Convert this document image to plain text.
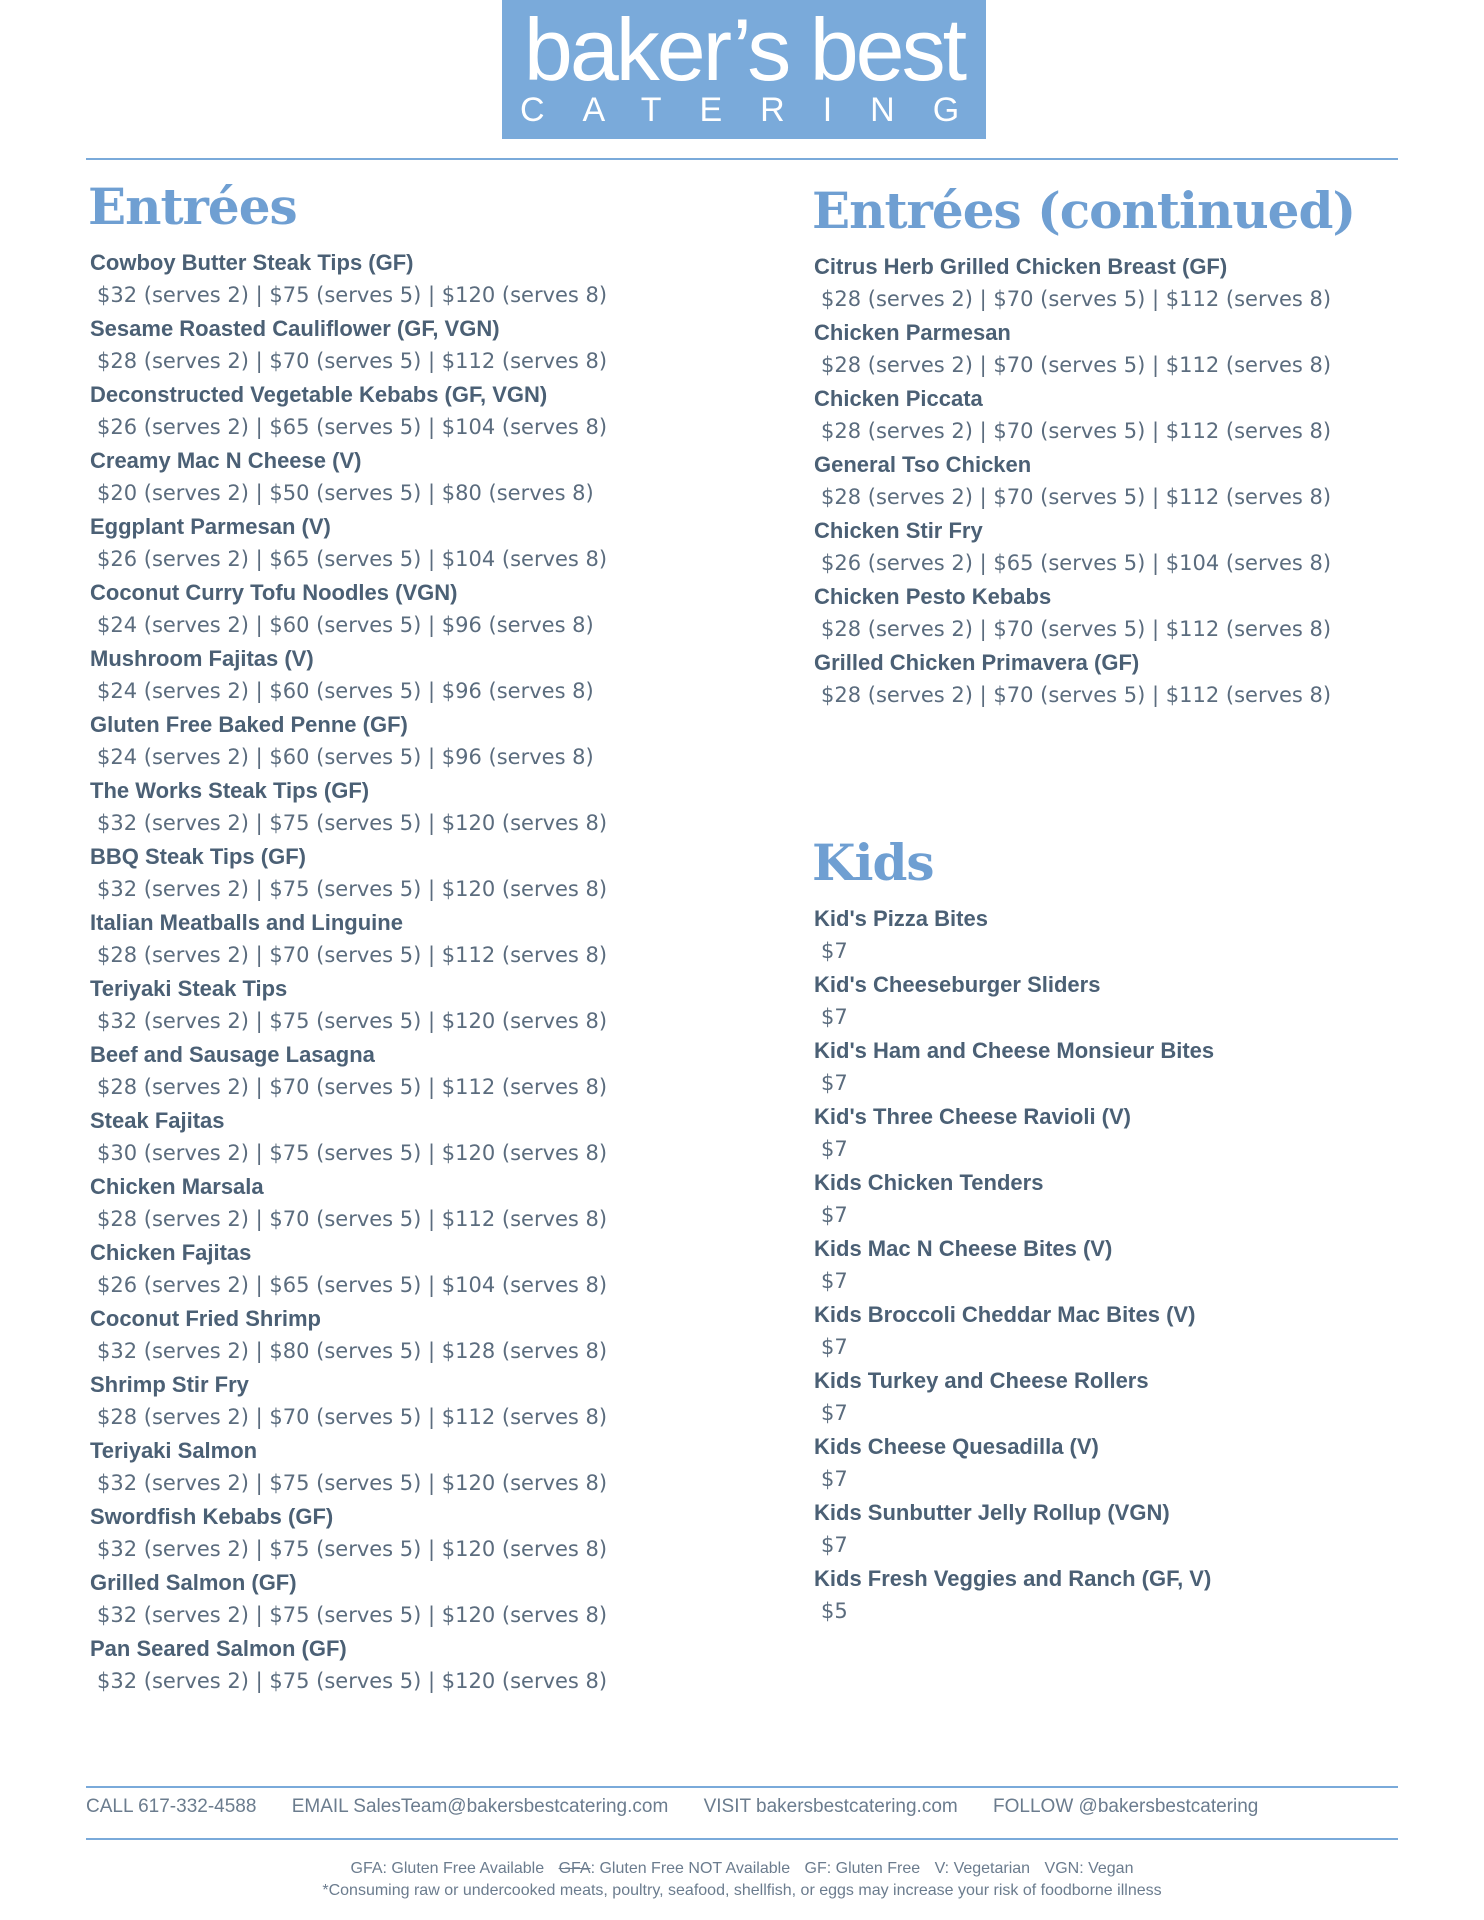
baker’s best
CATERING
Entrées
Cowboy Butter Steak Tips (GF)
$32 (serves 2) | $75 (serves 5) | $120 (serves 8)
Sesame Roasted Cauliflower (GF, VGN)
$28 (serves 2) | $70 (serves 5) | $112 (serves 8)
Deconstructed Vegetable Kebabs (GF, VGN)
$26 (serves 2) | $65 (serves 5) | $104 (serves 8)
Creamy Mac N Cheese (V)
$20 (serves 2) | $50 (serves 5) | $80 (serves 8)
Eggplant Parmesan (V)
$26 (serves 2) | $65 (serves 5) | $104 (serves 8)
Coconut Curry Tofu Noodles (VGN)
$24 (serves 2) | $60 (serves 5) | $96 (serves 8)
Mushroom Fajitas (V)
$24 (serves 2) | $60 (serves 5) | $96 (serves 8)
Gluten Free Baked Penne (GF)
$24 (serves 2) | $60 (serves 5) | $96 (serves 8)
The Works Steak Tips (GF)
$32 (serves 2) | $75 (serves 5) | $120 (serves 8)
BBQ Steak Tips (GF)
$32 (serves 2) | $75 (serves 5) | $120 (serves 8)
Italian Meatballs and Linguine
$28 (serves 2) | $70 (serves 5) | $112 (serves 8)
Teriyaki Steak Tips
$32 (serves 2) | $75 (serves 5) | $120 (serves 8)
Beef and Sausage Lasagna
$28 (serves 2) | $70 (serves 5) | $112 (serves 8)
Steak Fajitas
$30 (serves 2) | $75 (serves 5) | $120 (serves 8)
Chicken Marsala
$28 (serves 2) | $70 (serves 5) | $112 (serves 8)
Chicken Fajitas
$26 (serves 2) | $65 (serves 5) | $104 (serves 8)
Coconut Fried Shrimp
$32 (serves 2) | $80 (serves 5) | $128 (serves 8)
Shrimp Stir Fry
$28 (serves 2) | $70 (serves 5) | $112 (serves 8)
Teriyaki Salmon
$32 (serves 2) | $75 (serves 5) | $120 (serves 8)
Swordfish Kebabs (GF)
$32 (serves 2) | $75 (serves 5) | $120 (serves 8)
Grilled Salmon (GF)
$32 (serves 2) | $75 (serves 5) | $120 (serves 8)
Pan Seared Salmon (GF)
$32 (serves 2) | $75 (serves 5) | $120 (serves 8)
Entrées (continued)
Citrus Herb Grilled Chicken Breast (GF)
$28 (serves 2) | $70 (serves 5) | $112 (serves 8)
Chicken Parmesan
$28 (serves 2) | $70 (serves 5) | $112 (serves 8)
Chicken Piccata
$28 (serves 2) | $70 (serves 5) | $112 (serves 8)
General Tso Chicken
$28 (serves 2) | $70 (serves 5) | $112 (serves 8)
Chicken Stir Fry
$26 (serves 2) | $65 (serves 5) | $104 (serves 8)
Chicken Pesto Kebabs
$28 (serves 2) | $70 (serves 5) | $112 (serves 8)
Grilled Chicken Primavera (GF)
$28 (serves 2) | $70 (serves 5) | $112 (serves 8)
Kids
Kid's Pizza Bites
$7
Kid's Cheeseburger Sliders
$7
Kid's Ham and Cheese Monsieur Bites
$7
Kid's Three Cheese Ravioli (V)
$7
Kids Chicken Tenders
$7
Kids Mac N Cheese Bites (V)
$7
Kids Broccoli Cheddar Mac Bites (V)
$7
Kids Turkey and Cheese Rollers
$7
Kids Cheese Quesadilla (V)
$7
Kids Sunbutter Jelly Rollup (VGN)
$7
Kids Fresh Veggies and Ranch (GF, V)
$5
CALL 617-332-4588 EMAIL SalesTeam@bakersbestcatering.com VISIT bakersbestcatering.com FOLLOW @bakersbestcatering
GFA: Gluten Free Available GFA: Gluten Free NOT Available GF: Gluten Free V: Vegetarian VGN: Vegan
*Consuming raw or undercooked meats, poultry, seafood, shellfish, or eggs may increase your risk of foodborne illness
